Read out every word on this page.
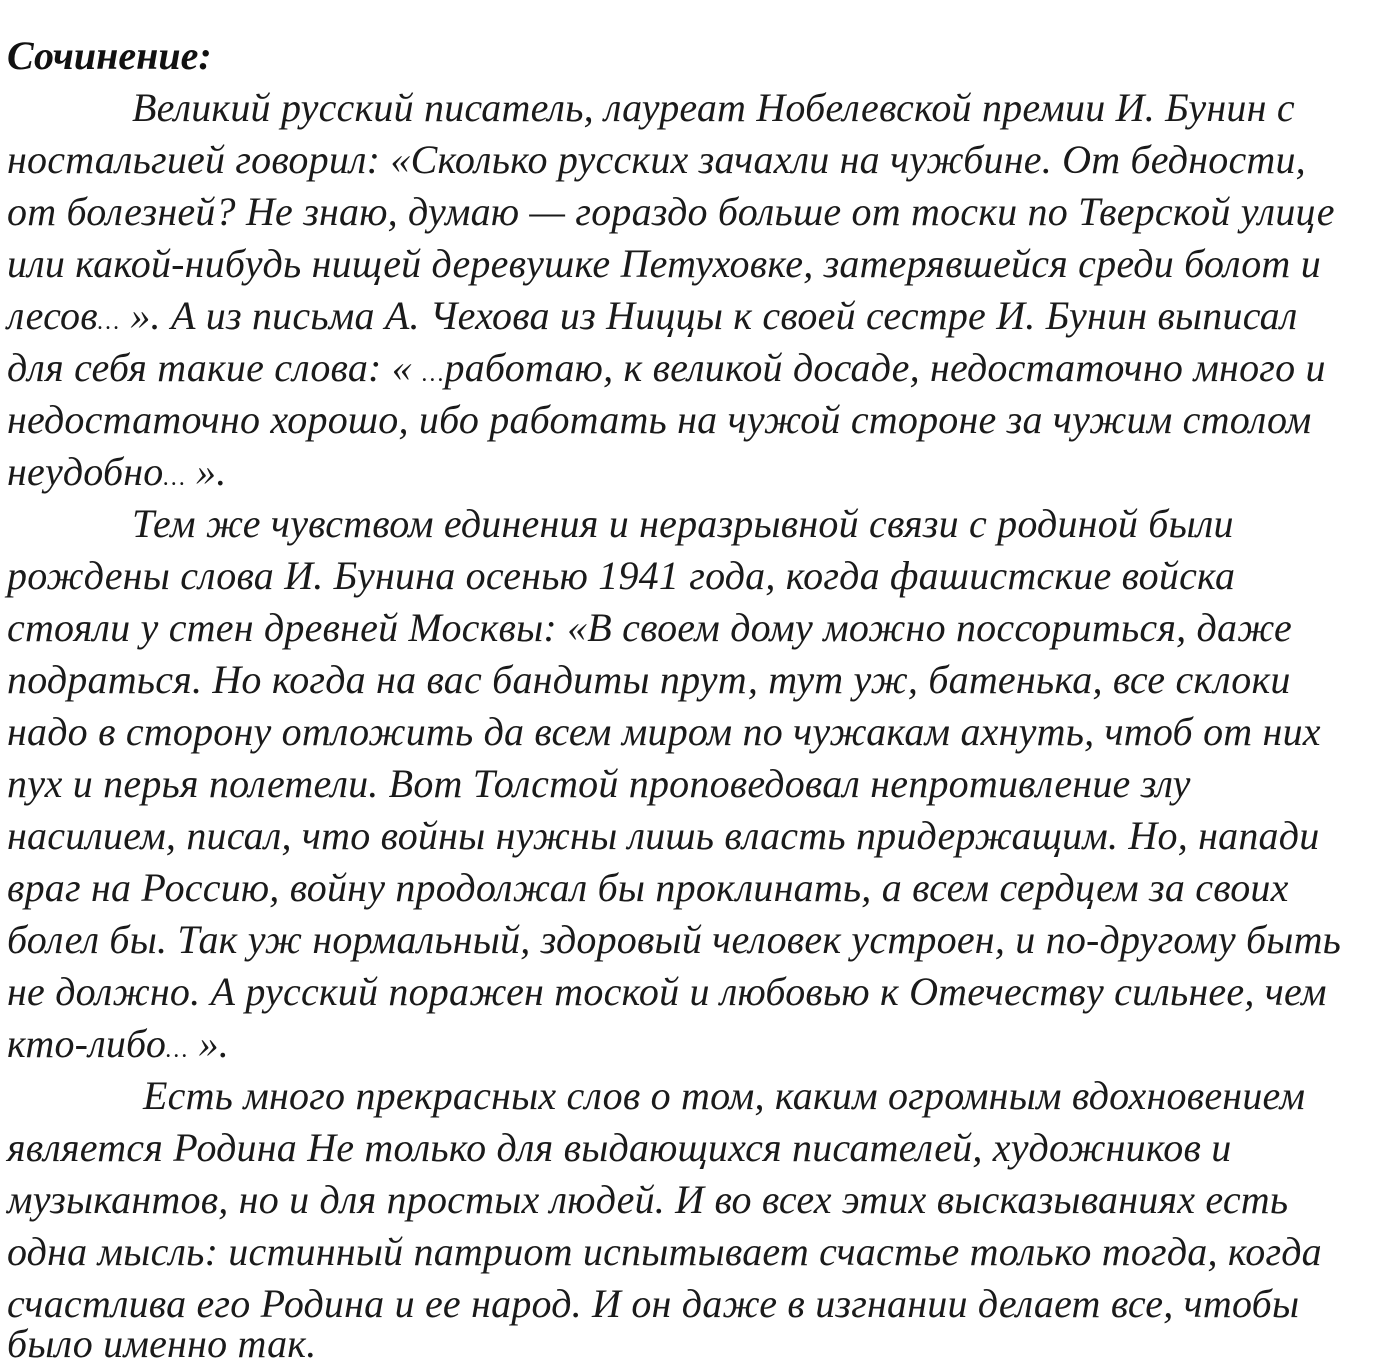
Сочинение:
Великий русский писатель, лауреат Нобелевской премии И. Бунин с
ностальгией говорил: «Сколько русских зачахли на чужбине. От бедности,
от болезней? Не знаю, думаю — гораздо больше от тоски по Тверской улице
или какой-нибудь нищей деревушке Петуховке, затерявшейся среди болот и
лесов… ». А из письма А. Чехова из Ниццы к своей сестре И. Бунин выписал
для себя такие слова: « …работаю, к великой досаде, недостаточно много и
недостаточно хорошо, ибо работать на чужой стороне за чужим столом
неудобно… ».
Тем же чувством единения и неразрывной связи с родиной были
рождены слова И. Бунина осенью 1941 года, когда фашистские войска
стояли у стен древней Москвы: «В своем дому можно поссориться, даже
подраться. Но когда на вас бандиты прут, тут уж, батенька, все склоки
надо в сторону отложить да всем миром по чужакам ахнуть, чтоб от них
пух и перья полетели. Вот Толстой проповедовал непротивление злу
насилием, писал, что войны нужны лишь власть придержащим. Но, напади
враг на Россию, войну продолжал бы проклинать, а всем сердцем за своих
болел бы. Так уж нормальный, здоровый человек устроен, и по-другому быть
не должно. А русский поражен тоской и любовью к Отечеству сильнее, чем
кто-либо… ».
Есть много прекрасных слов о том, каким огромным вдохновением
является Родина Не только для выдающихся писателей, художников и
музыкантов, но и для простых людей. И во всех этих высказываниях есть
одна мысль: истинный патриот испытывает счастье только тогда, когда
счастлива его Родина и ее народ. И он даже в изгнании делает все, чтобы
было именно так.
